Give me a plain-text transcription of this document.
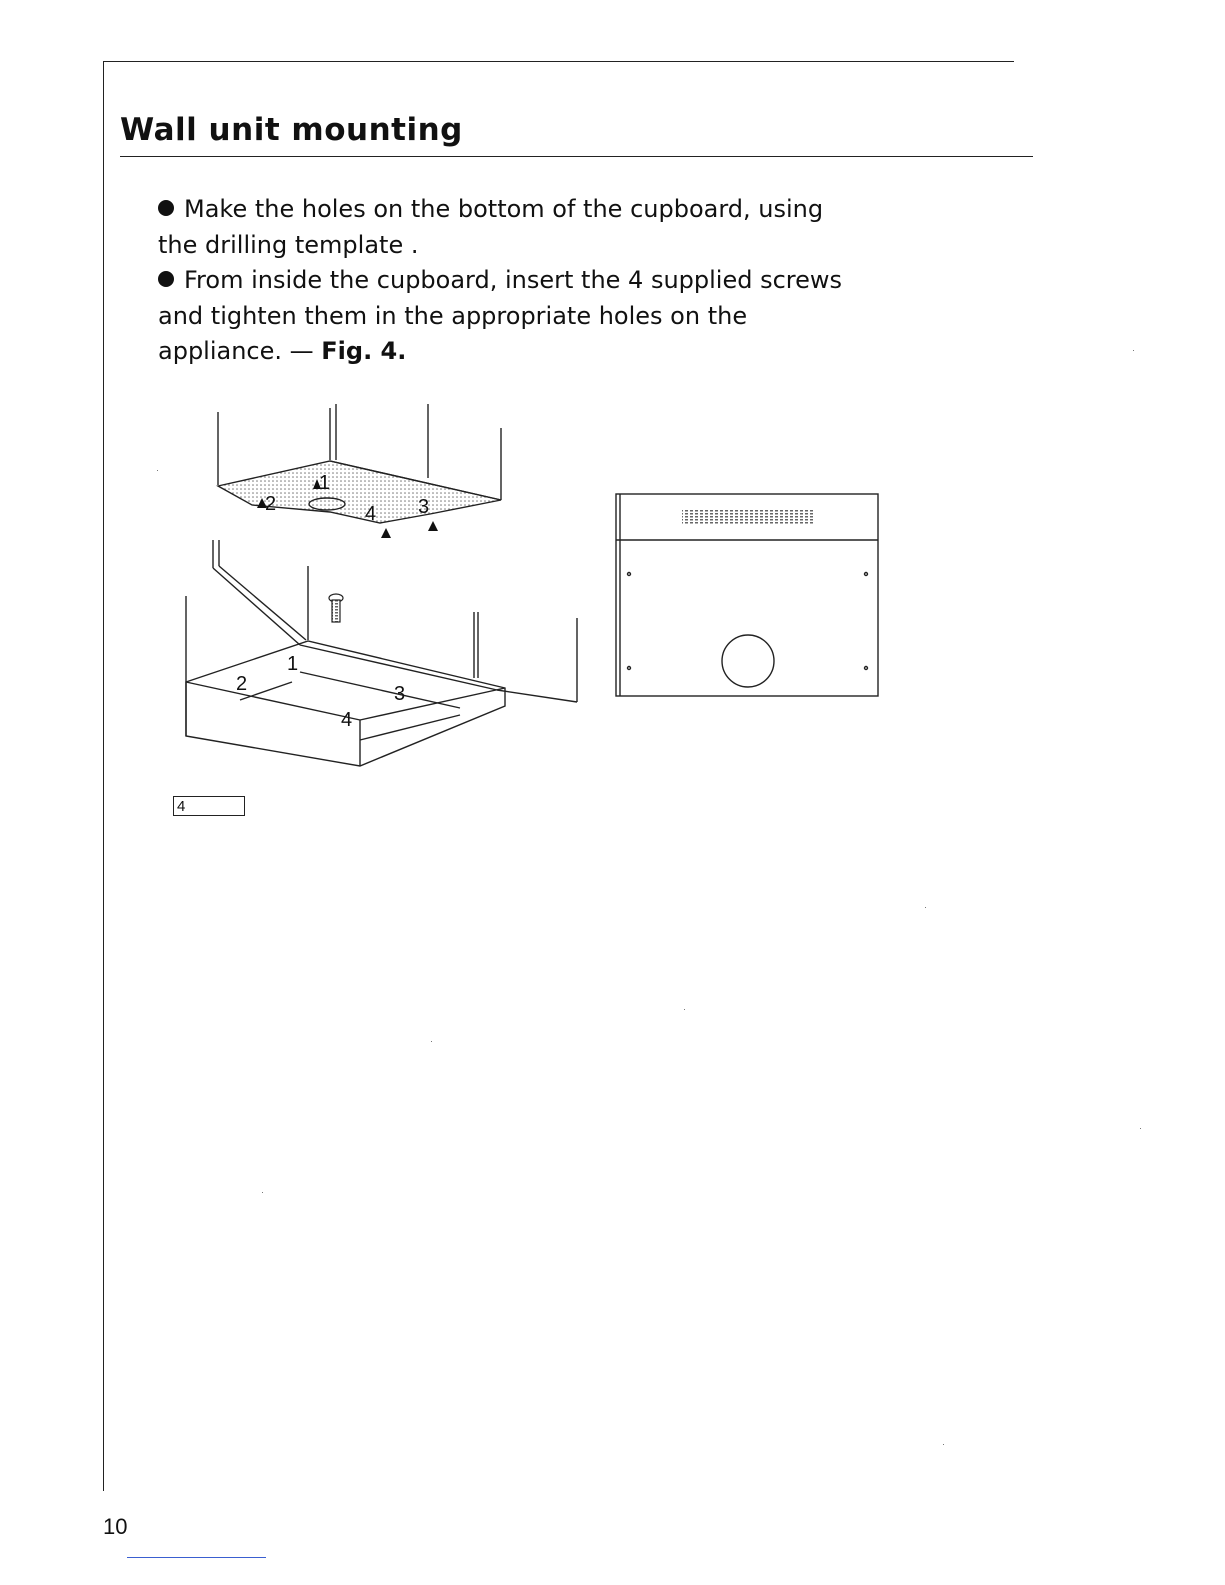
Wall unit mounting

Make the holes on the bottom of the cupboard, using

the drilling template .

From inside the cupboard, insert the 4 supplied screws

and tighten them in the appropriate holes on the

appliance. — Fig. 4.

1
2	4 3
1
2	3
4
4
10
